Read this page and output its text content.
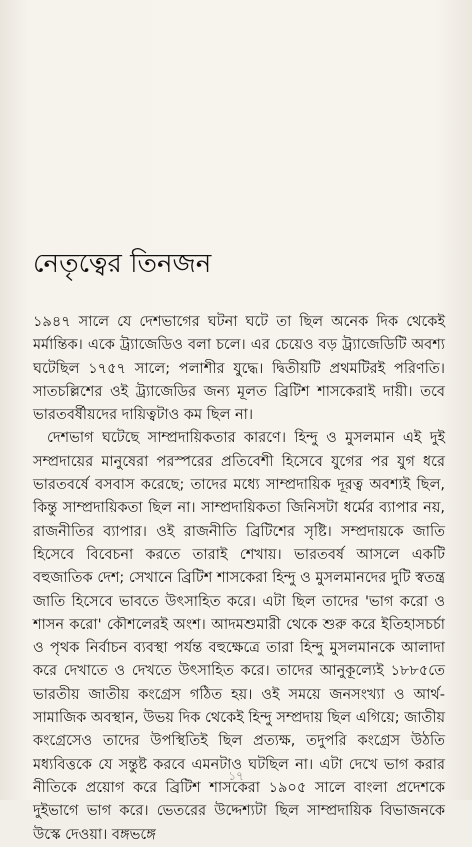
নেতৃত্বের তিনজন

১৯৪৭ সালে যে দেশভাগের ঘটনা ঘটে তা ছিল অনেক দিক থেকেই মর্মান্তিক। একে ট্র্যাজেডিও বলা চলে। এর চেয়েও বড় ট্র্যাজেডিটি অবশ্য ঘটেছিল ১৭৫৭ সালে; পলাশীর যুদ্ধে। দ্বিতীয়টি প্রথমটিরই পরিণতি। সাতচল্লিশের ওই ট্র্যাজেডির জন্য মূলত ব্রিটিশ শাসকেরাই দায়ী। তবে ভারতবর্ষীয়দের দায়িত্বটাও কম ছিল না।

দেশভাগ ঘটেছে সাম্প্রদায়িকতার কারণে। হিন্দু ও মুসলমান এই দুই সম্প্রদায়ের মানুষেরা পরস্পরের প্রতিবেশী হিসেবে যুগের পর যুগ ধরে ভারতবর্ষে বসবাস করেছে; তাদের মধ্যে সাম্প্রদায়িক দূরত্ব অবশ্যই ছিল, কিন্তু সাম্প্রদায়িকতা ছিল না। সাম্প্রদায়িকতা জিনিসটা ধর্মের ব্যাপার নয়, রাজনীতির ব্যাপার। ওই রাজনীতি ব্রিটিশের সৃষ্টি। সম্প্রদায়কে জাতি হিসেবে বিবেচনা করতে তারাই শেখায়। ভারতবর্ষ আসলে একটি বহুজাতিক দেশ; সেখানে ব্রিটিশ শাসকেরা হিন্দু ও মুসলমানদের দুটি স্বতন্ত্র জাতি হিসেবে ভাবতে উৎসাহিত করে। এটা ছিল তাদের 'ভাগ করো ও শাসন করো' কৌশলেরই অংশ। আদমশুমারী থেকে শুরু করে ইতিহাসচর্চা ও পৃথক নির্বাচন ব্যবস্থা পর্যন্ত বহুক্ষেত্রে তারা হিন্দু মুসলমানকে আলাদা করে দেখাতে ও দেখতে উৎসাহিত করে। তাদের আনুকূল্যেই ১৮৮৫তে ভারতীয় জাতীয় কংগ্রেস গঠিত হয়। ওই সময়ে জনসংখ্যা ও আর্থ-সামাজিক অবস্থান, উভয় দিক থেকেই হিন্দু সম্প্রদায় ছিল এগিয়ে; জাতীয় কংগ্রেসেও তাদের উপস্থিতিই ছিল প্রত্যক্ষ, তদুপরি কংগ্রেস উঠতি মধ্যবিত্তকে যে সন্তুষ্ট করবে এমনটাও ঘটছিল না। এটা দেখে ভাগ করার নীতিকে প্রয়োগ করে ব্রিটিশ শাসকেরা ১৯০৫ সালে বাংলা প্রদেশকে দুইভাগে ভাগ করে। ভেতরের উদ্দেশ্যটা ছিল সাম্প্রদায়িক বিভাজনকে উস্কে দেওয়া। বঙ্গভঙ্গে

১৭
